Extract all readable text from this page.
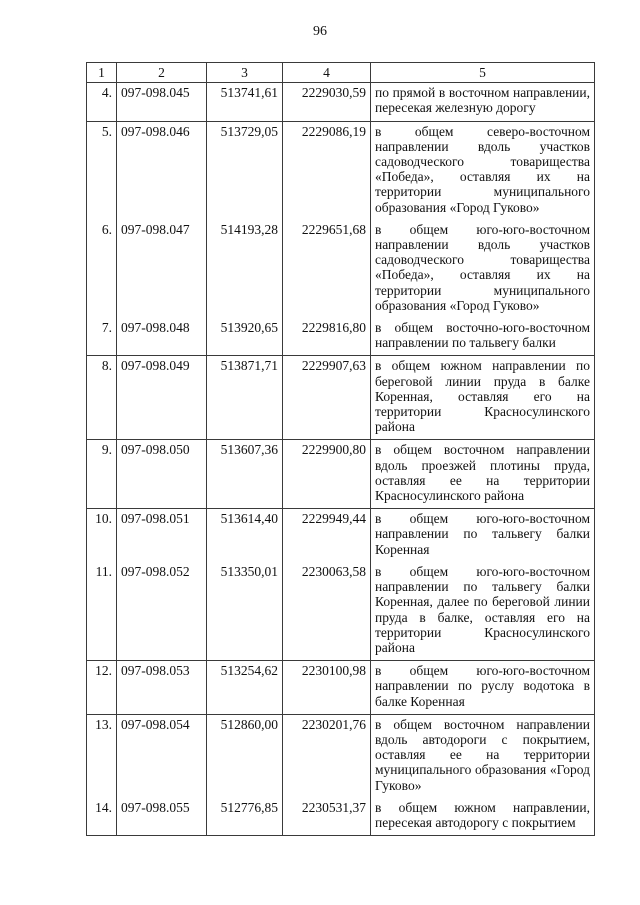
96
1	2	3	4	5
4.	097-098.045	513741,61	2229030,59	по прямой в восточном направлении, пересекая железную дорогу
5.	097-098.046	513729,05	2229086,19	в общем северо-восточном направлении вдоль участков садоводческого товарищества «Победа», оставляя их на территории муниципального образования «Город Гуково»
6.	097-098.047	514193,28	2229651,68	в общем юго-юго-восточном направлении вдоль участков садоводческого товарищества «Победа», оставляя их на территории муниципального образования «Город Гуково»
7.	097-098.048	513920,65	2229816,80	в общем восточно-юго-восточном направлении по тальвегу балки
8.	097-098.049	513871,71	2229907,63	в общем южном направлении по береговой линии пруда в балке Коренная, оставляя его на территории Красносулинского района
9.	097-098.050	513607,36	2229900,80	в общем восточном направлении вдоль проезжей плотины пруда, оставляя ее на территории Красносулинского района
10.	097-098.051	513614,40	2229949,44	в общем юго-юго-восточном направлении по тальвегу балки Коренная
11.	097-098.052	513350,01	2230063,58	в общем юго-юго-восточном направлении по тальвегу балки Коренная, далее по береговой линии пруда в балке, оставляя его на территории Красносулинского района
12.	097-098.053	513254,62	2230100,98	в общем юго-юго-восточном направлении по руслу водотока в балке Коренная
13.	097-098.054	512860,00	2230201,76	в общем восточном направлении вдоль автодороги с покрытием, оставляя ее на территории муниципального образования «Город Гуково»
14.	097-098.055	512776,85	2230531,37	в общем южном направлении, пересекая автодорогу с покрытием
